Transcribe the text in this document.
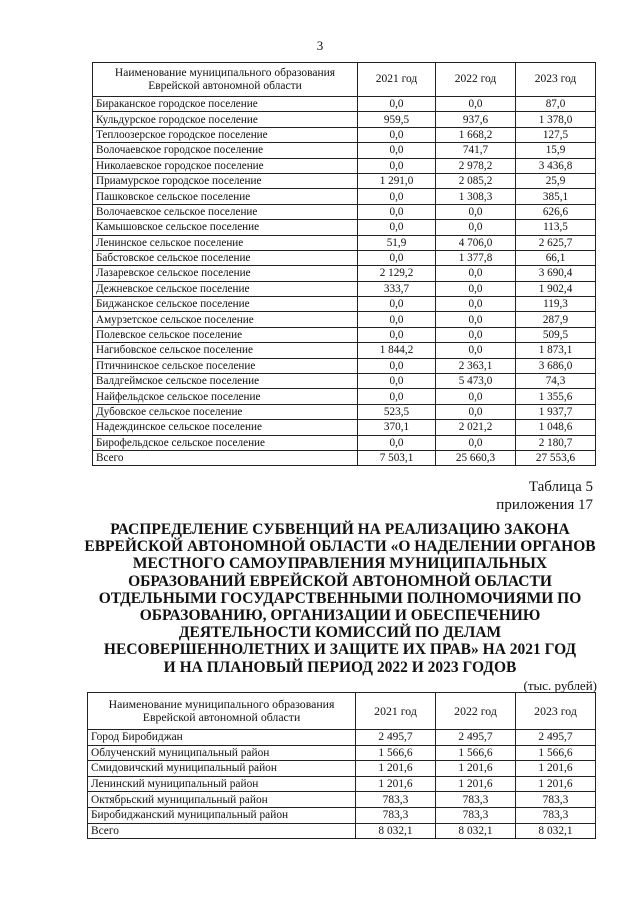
3
Наименование муниципального образования Еврейской автономной области	2021 год	2022 год	2023 год
Бираканское городское поселение	0,0	0,0	87,0
Кульдурское городское поселение	959,5	937,6	1 378,0
Теплоозерское городское поселение	0,0	1 668,2	127,5
Волочаевское городское поселение	0,0	741,7	15,9
Николаевское городское поселение	0,0	2 978,2	3 436,8
Приамурское городское поселение	1 291,0	2 085,2	25,9
Пашковское сельское поселение	0,0	1 308,3	385,1
Волочаевское сельское поселение	0,0	0,0	626,6
Камышовское сельское поселение	0,0	0,0	113,5
Ленинское сельское поселение	51,9	4 706,0	2 625,7
Бабстовское сельское поселение	0,0	1 377,8	66,1
Лазаревское сельское поселение	2 129,2	0,0	3 690,4
Дежневское сельское поселение	333,7	0,0	1 902,4
Биджанское сельское поселение	0,0	0,0	119,3
Амурзетское сельское поселение	0,0	0,0	287,9
Полевское сельское поселение	0,0	0,0	509,5
Нагибовское сельское поселение	1 844,2	0,0	1 873,1
Птичнинское сельское поселение	0,0	2 363,1	3 686,0
Валдгеймское сельское поселение	0,0	5 473,0	74,3
Найфельдское сельское поселение	0,0	0,0	1 355,6
Дубовское сельское поселение	523,5	0,0	1 937,7
Надеждинское сельское поселение	370,1	2 021,2	1 048,6
Бирофельдское сельское поселение	0,0	0,0	2 180,7
Всего	7 503,1	25 660,3	27 553,6
Таблица 5
приложения 17
РАСПРЕДЕЛЕНИЕ СУБВЕНЦИЙ НА РЕАЛИЗАЦИЮ ЗАКОНА
ЕВРЕЙСКОЙ АВТОНОМНОЙ ОБЛАСТИ «О НАДЕЛЕНИИ ОРГАНОВ
МЕСТНОГО САМОУПРАВЛЕНИЯ МУНИЦИПАЛЬНЫХ
ОБРАЗОВАНИЙ ЕВРЕЙСКОЙ АВТОНОМНОЙ ОБЛАСТИ
ОТДЕЛЬНЫМИ ГОСУДАРСТВЕННЫМИ ПОЛНОМОЧИЯМИ ПО
ОБРАЗОВАНИЮ, ОРГАНИЗАЦИИ И ОБЕСПЕЧЕНИЮ
ДЕЯТЕЛЬНОСТИ КОМИССИЙ ПО ДЕЛАМ
НЕСОВЕРШЕННОЛЕТНИХ И ЗАЩИТЕ ИХ ПРАВ» НА 2021 ГОД
И НА ПЛАНОВЫЙ ПЕРИОД 2022 И 2023 ГОДОВ
(тыс. рублей)
Наименование муниципального образования Еврейской автономной области	2021 год	2022 год	2023 год
Город Биробиджан	2 495,7	2 495,7	2 495,7
Облученский муниципальный район	1 566,6	1 566,6	1 566,6
Смидовичский муниципальный район	1 201,6	1 201,6	1 201,6
Ленинский муниципальный район	1 201,6	1 201,6	1 201,6
Октябрьский муниципальный район	783,3	783,3	783,3
Биробиджанский муниципальный район	783,3	783,3	783,3
Всего	8 032,1	8 032,1	8 032,1
